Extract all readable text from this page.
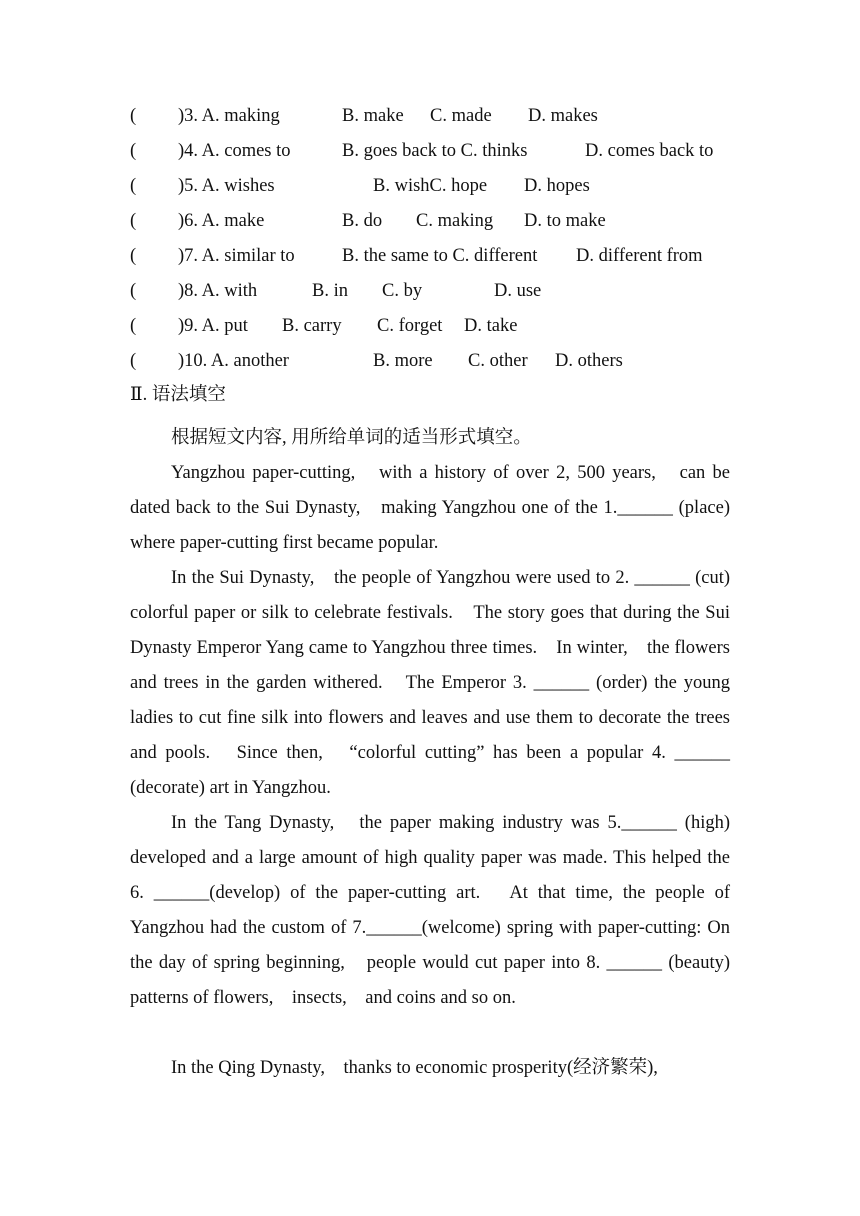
( )3. A. making	B. make C. made D. makes
( )4. A. comes to	B. goes back to C. thinks	D. comes back to
( )5. A. wishes	B. wishC. hope D. hopes
( )6. A. make	B. do C. making D. to make
( )7. A. similar to	B. the same to C. different D. different from
( )8. A. with	B. in C. by	D. use
( )9. A. put B. carry C. forget D. take
( )10. A. another	B. more C. other D. others
Ⅱ. 语法填空

根据短文内容, 用所给单词的适当形式填空。

Yangzhou paper-cutting,　with a history of over 2, 500 years,　can be dated back to the Sui Dynasty,　making Yangzhou one of the 1.______ (place) where paper-cutting first became popular.

In the Sui Dynasty,　the people of Yangzhou were used to 2. ______ (cut) colorful paper or silk to celebrate festivals.　The story goes that during the Sui Dynasty Emperor Yang came to Yangzhou three times.　In winter,　the flowers and trees in the garden withered.　The Emperor 3. ______ (order) the young ladies to cut fine silk into flowers and leaves and use them to decorate the trees and pools.　Since then,　“colorful cutting” has been a popular 4. ______ (decorate) art in Yangzhou.

In the Tang Dynasty,　the paper making industry was 5.______ (high) developed and a large amount of high quality paper was made. This helped the 6. ______(develop) of the paper-cutting art.　At that time, the people of Yangzhou had the custom of 7.______(welcome) spring with paper-cutting: On the day of spring beginning,　people would cut paper into 8. ______ (beauty) patterns of flowers,　insects,　and coins and so on.

In the Qing Dynasty,　thanks to economic prosperity(经济繁荣),
